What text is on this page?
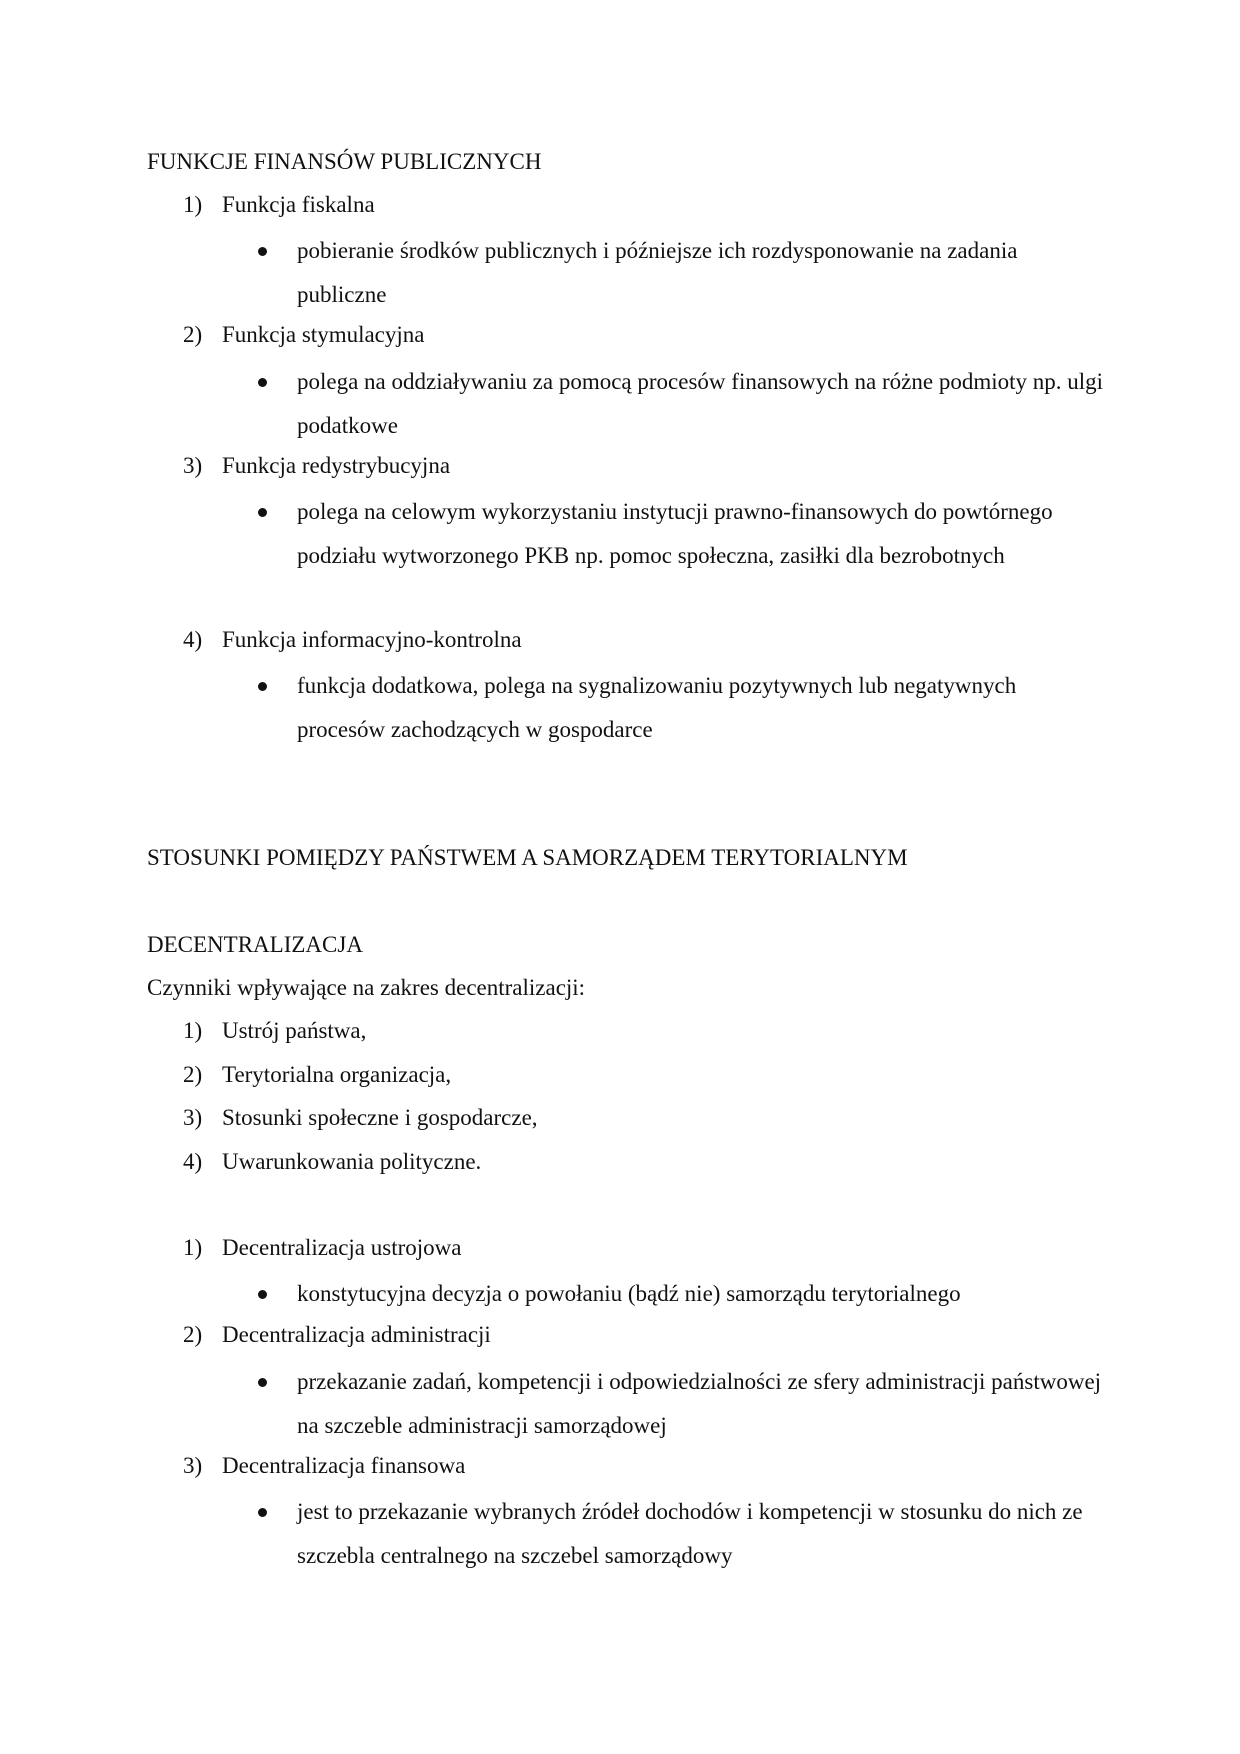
FUNKCJE FINANSÓW PUBLICZNYCH
1) Funkcja fiskalna
pobieranie środków publicznych i późniejsze ich rozdysponowanie na zadania publiczne
2) Funkcja stymulacyjna
polega na oddziaływaniu za pomocą procesów finansowych na różne podmioty np. ulgi podatkowe
3) Funkcja redystrybucyjna
polega na celowym wykorzystaniu instytucji prawno-finansowych do powtórnego podziału wytworzonego PKB np. pomoc społeczna, zasiłki dla bezrobotnych
4) Funkcja informacyjno-kontrolna
funkcja dodatkowa, polega na sygnalizowaniu pozytywnych lub negatywnych procesów zachodzących w gospodarce
STOSUNKI POMIĘDZY PAŃSTWEM A SAMORZĄDEM TERYTORIALNYM
DECENTRALIZACJA
Czynniki wpływające na zakres decentralizacji:
1) Ustrój państwa,
2) Terytorialna organizacja,
3) Stosunki społeczne i gospodarcze,
4) Uwarunkowania polityczne.
1) Decentralizacja ustrojowa
konstytucyjna decyzja o powołaniu (bądź nie) samorządu terytorialnego
2) Decentralizacja administracji
przekazanie zadań, kompetencji i odpowiedzialności ze sfery administracji państwowej na szczeble administracji samorządowej
3) Decentralizacja finansowa
jest to przekazanie wybranych źródeł dochodów i kompetencji w stosunku do nich ze szczebla centralnego na szczebel samorządowy
